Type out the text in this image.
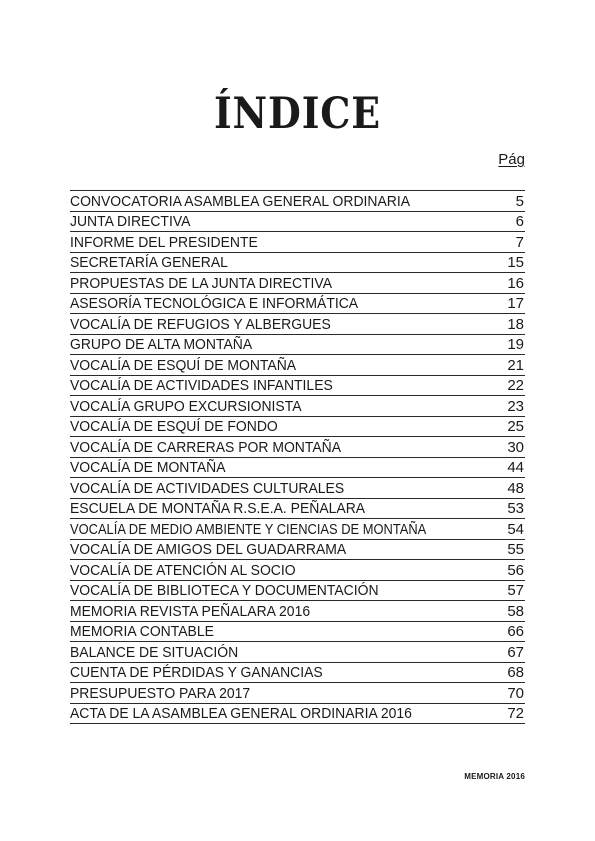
ÍNDICE
Pág
CONVOCATORIA ASAMBLEA GENERAL ORDINARIA	5
JUNTA DIRECTIVA	6
INFORME DEL PRESIDENTE	7
SECRETARÍA GENERAL	15
PROPUESTAS DE LA JUNTA DIRECTIVA	16
ASESORÍA TECNOLÓGICA E INFORMÁTICA	17
VOCALÍA DE REFUGIOS Y ALBERGUES	18
GRUPO DE ALTA MONTAÑA	19
VOCALÍA DE ESQUÍ DE MONTAÑA	21
VOCALÍA DE ACTIVIDADES INFANTILES	22
VOCALÍA GRUPO EXCURSIONISTA	23
VOCALÍA DE ESQUÍ DE FONDO	25
VOCALÍA DE CARRERAS POR MONTAÑA	30
VOCALÍA DE MONTAÑA	44
VOCALÍA DE ACTIVIDADES CULTURALES	48
ESCUELA DE MONTAÑA R.S.E.A. PEÑALARA	53
VOCALÍA DE MEDIO AMBIENTE Y CIENCIAS DE MONTAÑA	54
VOCALÍA DE AMIGOS DEL GUADARRAMA	55
VOCALÍA DE ATENCIÓN AL SOCIO	56
VOCALÍA DE BIBLIOTECA Y DOCUMENTACIÓN	57
MEMORIA REVISTA PEÑALARA 2016	58
MEMORIA CONTABLE	66
BALANCE DE SITUACIÓN	67
CUENTA DE PÉRDIDAS Y GANANCIAS	68
PRESUPUESTO PARA 2017	70
ACTA DE LA ASAMBLEA GENERAL ORDINARIA 2016	72
MEMORIA 2016
